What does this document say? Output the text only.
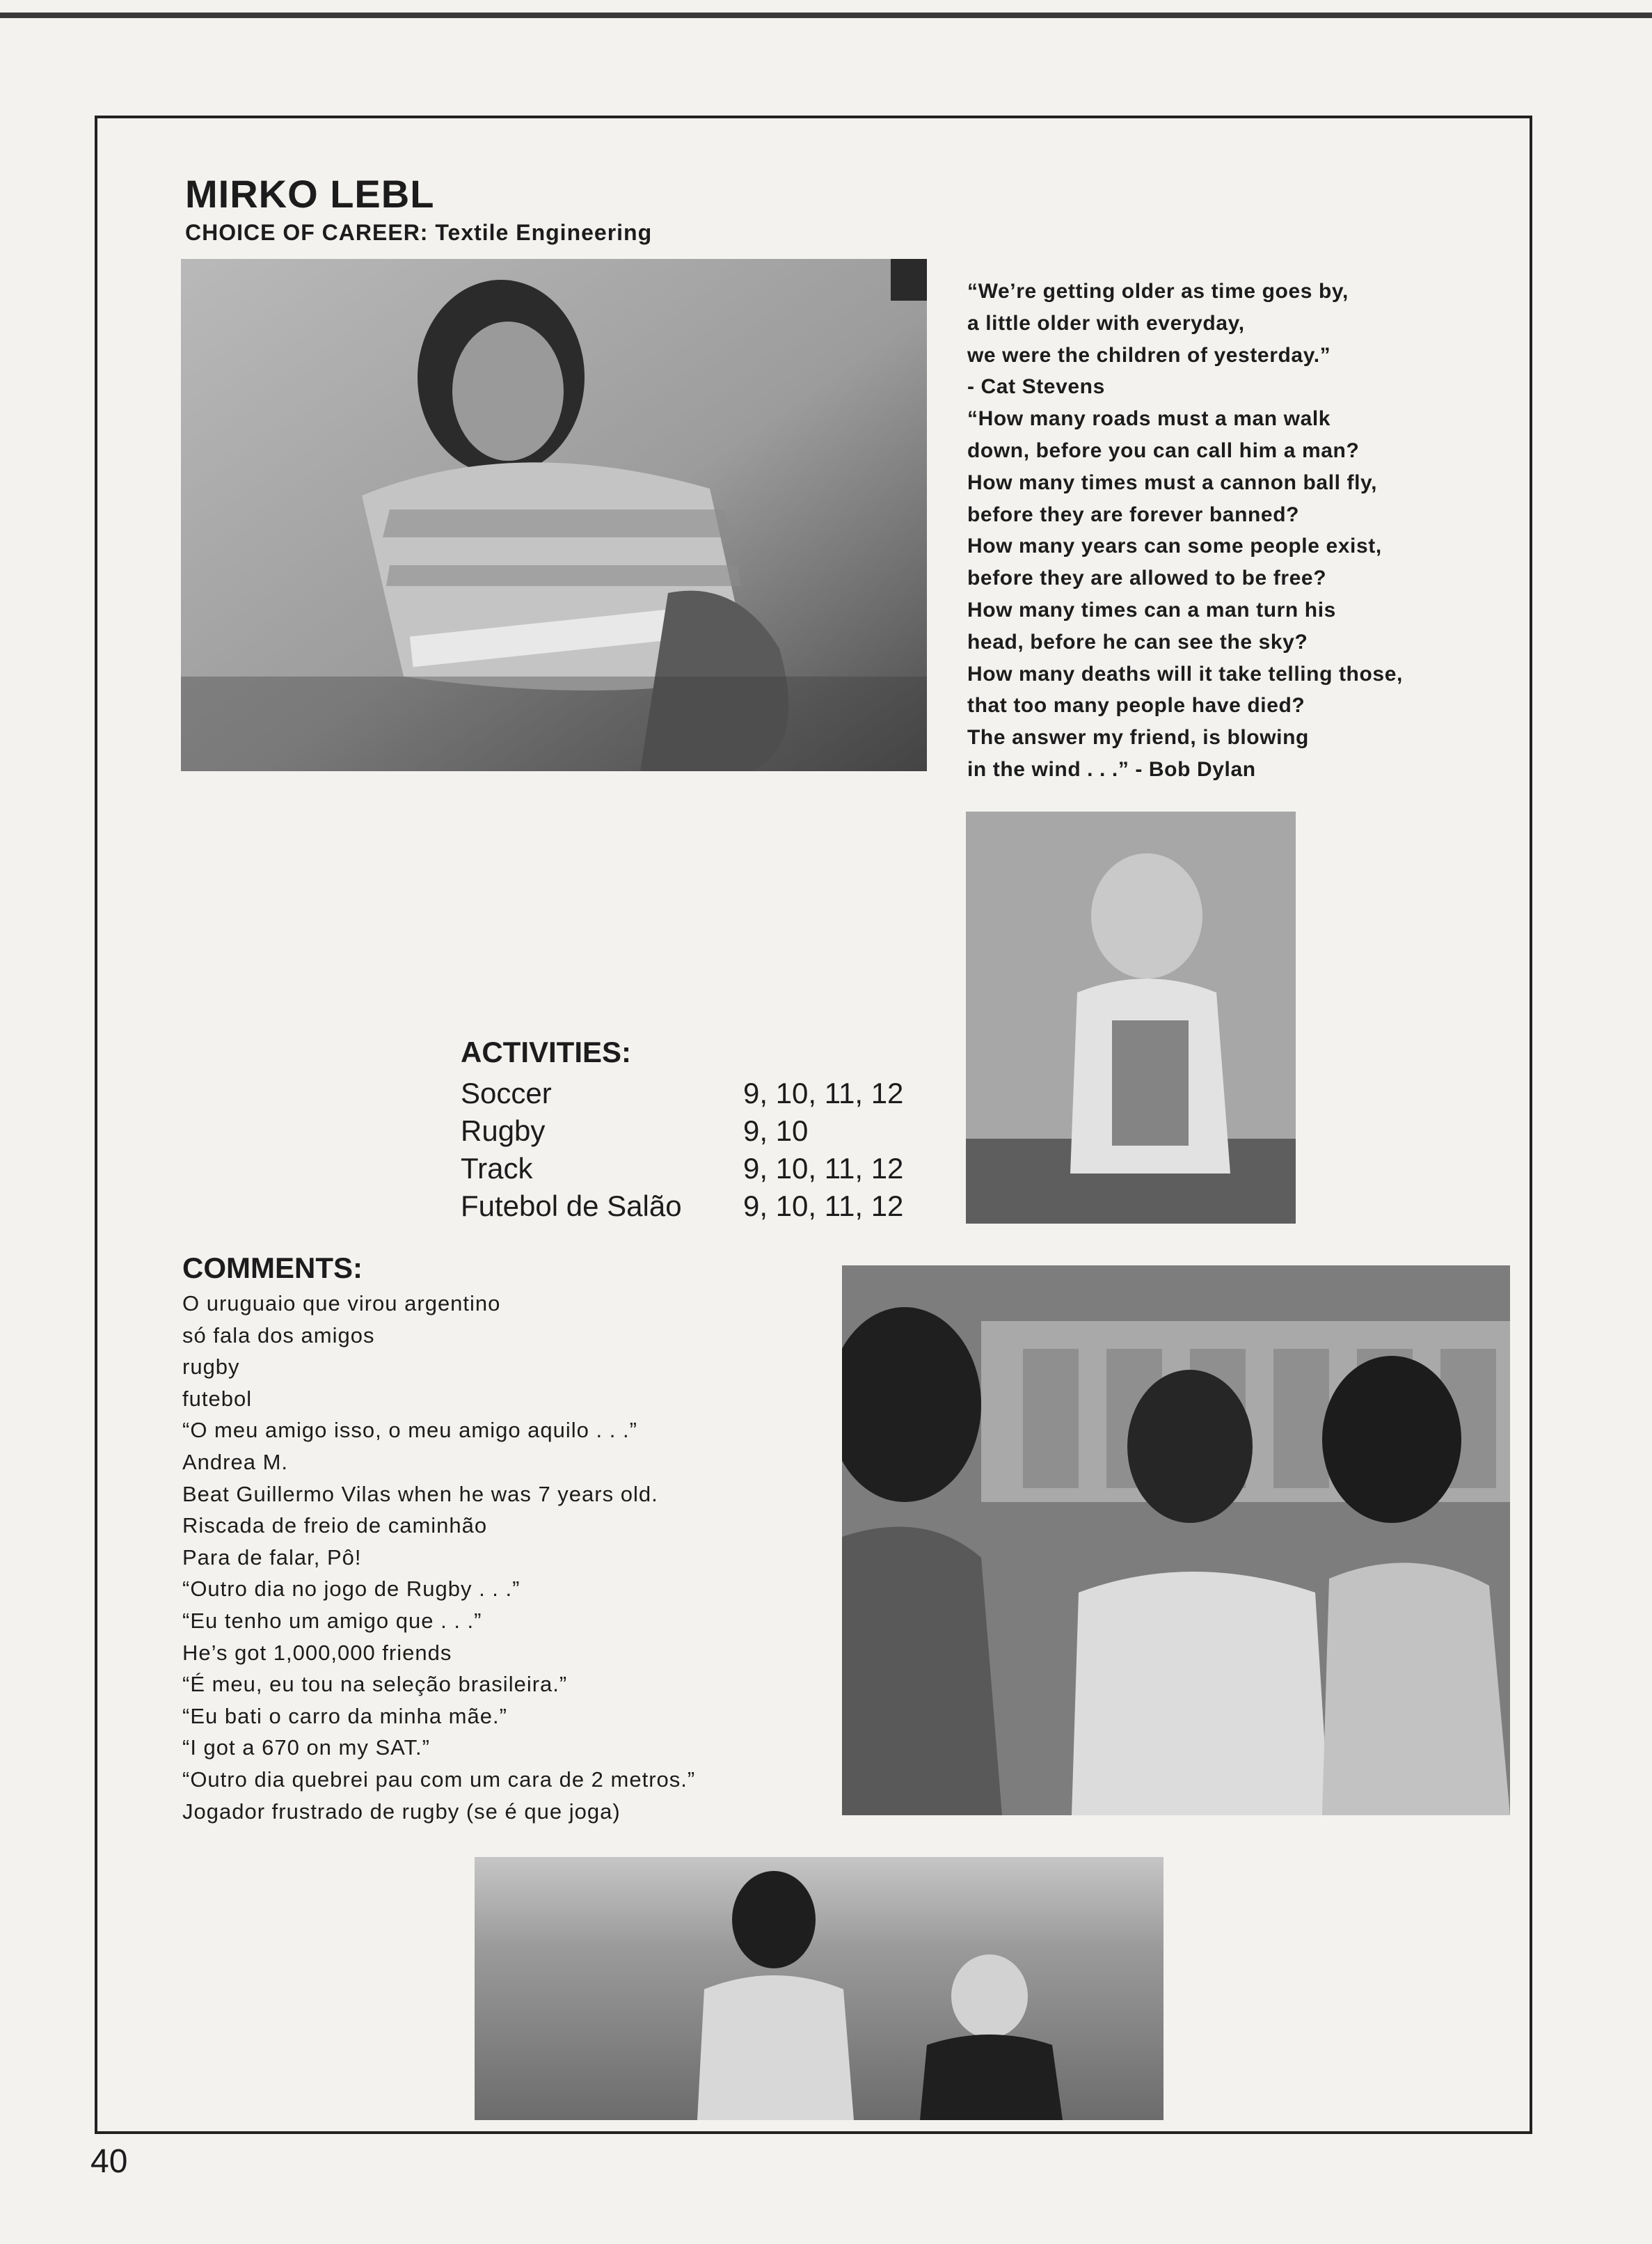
MIRKO LEBL
CHOICE OF CAREER: Textile Engineering
“We’re getting older as time goes by,
a little older with everyday,
we were the children of yesterday.”
- Cat Stevens
“How many roads must a man walk
down, before you can call him a man?
How many times must a cannon ball fly,
before they are forever banned?
How many years can some people exist,
before they are allowed to be free?
How many times can a man turn his
head, before he can see the sky?
How many deaths will it take telling those,
that too many people have died?
The answer my friend, is blowing
in the wind . . .” - Bob Dylan
ACTIVITIES:
Soccer	9, 10, 11, 12
Rugby	9, 10
Track	9, 10, 11, 12
Futebol de Salão	9, 10, 11, 12
COMMENTS:
O uruguaio que virou argentino
só fala dos amigos
rugby
futebol
“O meu amigo isso, o meu amigo aquilo . . .”
Andrea M.
Beat Guillermo Vilas when he was 7 years old.
Riscada de freio de caminhão
Para de falar, Pô!
“Outro dia no jogo de Rugby . . .”
“Eu tenho um amigo que . . .”
He’s got 1,000,000 friends
“É meu, eu tou na seleção brasileira.”
“Eu bati o carro da minha mãe.”
“I got a 670 on my SAT.”
“Outro dia quebrei pau com um cara de 2 metros.”
Jogador frustrado de rugby (se é que joga)
40
